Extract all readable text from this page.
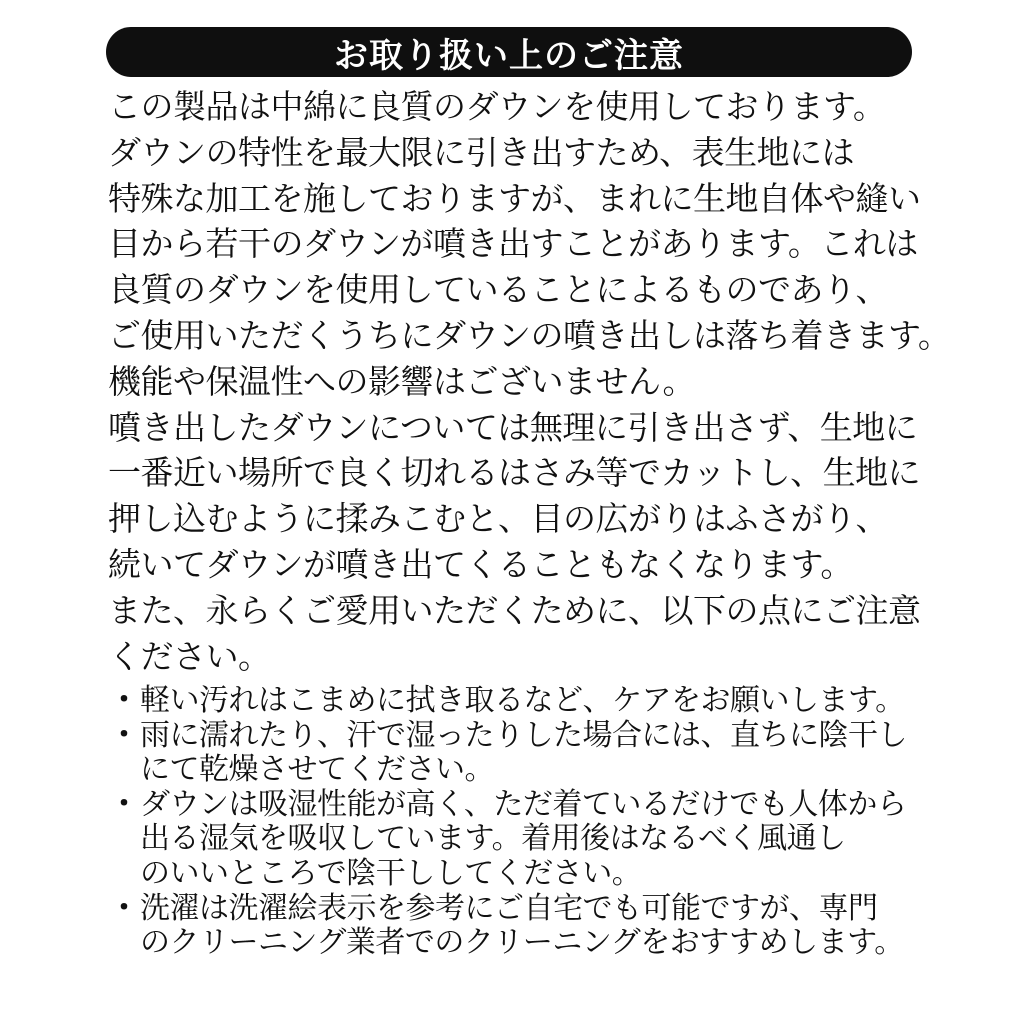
お取り扱い上のご注意
この製品は中綿に良質のダウンを使用しております。
ダウンの特性を最大限に引き出すため、表生地には
特殊な加工を施しておりますが、まれに生地自体や縫い
目から若干のダウンが噴き出すことがあります。これは
良質のダウンを使用していることによるものであり、
ご使用いただくうちにダウンの噴き出しは落ち着きます。
機能や保温性への影響はございません。
噴き出したダウンについては無理に引き出さず、生地に
一番近い場所で良く切れるはさみ等でカットし、生地に
押し込むように揉みこむと、目の広がりはふさがり、
続いてダウンが噴き出てくることもなくなります。
また、永らくご愛用いただくために、以下の点にご注意
ください。
・ 軽い汚れはこまめに拭き取るなど、ケアをお願いします。
・ 雨に濡れたり、汗で湿ったりした場合には、直ちに陰干し
にて乾燥させてください。
・ ダウンは吸湿性能が高く、ただ着ているだけでも人体から
出る湿気を吸収しています。着用後はなるべく風通し
のいいところで陰干ししてください。
・ 洗濯は洗濯絵表示を参考にご自宅でも可能ですが、専門
のクリーニング業者でのクリーニングをおすすめします。
